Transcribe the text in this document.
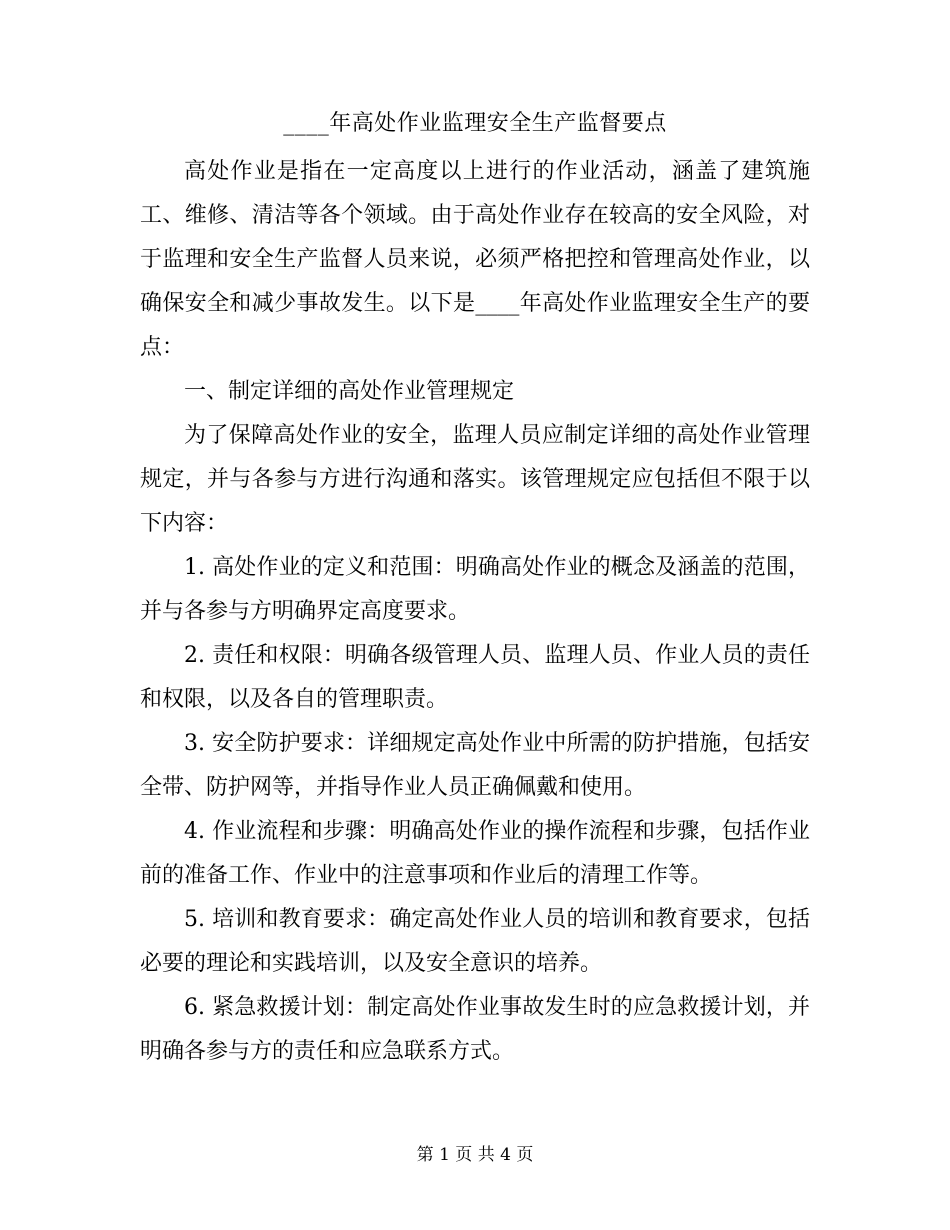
____年高处作业监理安全生产监督要点

高处作业是指在一定高度以上进行的作业活动，涵盖了建筑施工、维修、清洁等各个领域。由于高处作业存在较高的安全风险，对于监理和安全生产监督人员来说，必须严格把控和管理高处作业，以确保安全和减少事故发生。以下是____年高处作业监理安全生产的要点：

一、制定详细的高处作业管理规定

为了保障高处作业的安全，监理人员应制定详细的高处作业管理规定，并与各参与方进行沟通和落实。该管理规定应包括但不限于以下内容：

1. 高处作业的定义和范围：明确高处作业的概念及涵盖的范围，并与各参与方明确界定高度要求。

2. 责任和权限：明确各级管理人员、监理人员、作业人员的责任和权限，以及各自的管理职责。

3. 安全防护要求：详细规定高处作业中所需的防护措施，包括安全带、防护网等，并指导作业人员正确佩戴和使用。

4. 作业流程和步骤：明确高处作业的操作流程和步骤，包括作业前的准备工作、作业中的注意事项和作业后的清理工作等。

5. 培训和教育要求：确定高处作业人员的培训和教育要求，包括必要的理论和实践培训，以及安全意识的培养。

6. 紧急救援计划：制定高处作业事故发生时的应急救援计划，并明确各参与方的责任和应急联系方式。

第 1 页 共 4 页
